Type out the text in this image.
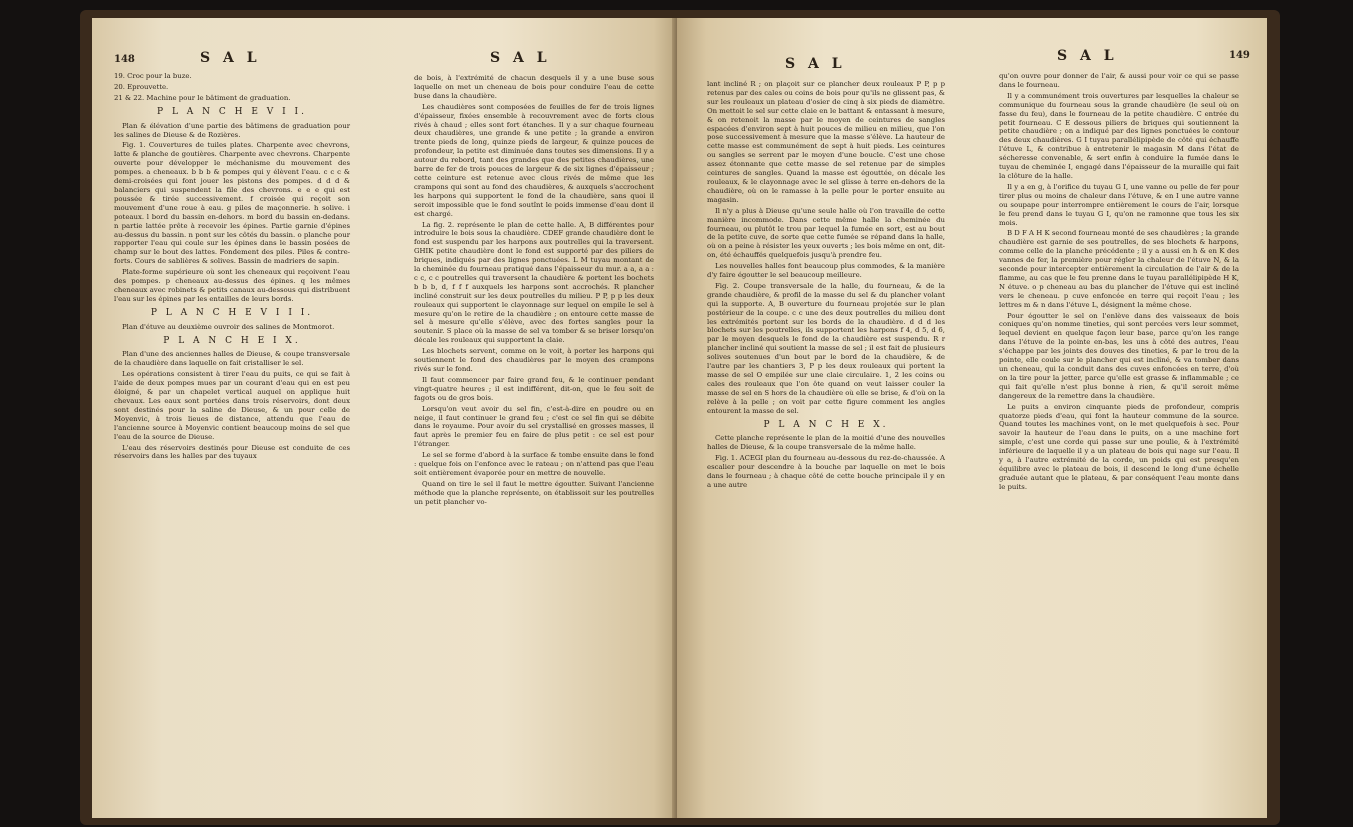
148	S A L	S A L

19. Croc pour la buze.

20. Eprouvette.

21 & 22. Machine pour le bâtiment de graduation.

P L A N C H E V I I.

Plan & élévation d'une partie des bâtimens de graduation pour les salines de Dieuse & de Rozières.

Fig. 1. Couvertures de tuiles plates. Charpente avec chevrons, latte & planche de goutières. Charpente avec chevrons. Charpente ouverte pour développer le méchanisme du mouvement des pompes. a cheneaux. b b b & pompes qui y élèvent l'eau. c c c & demi-croisées qui font jouer les pistons des pompes. d d d & balanciers qui suspendent la file des chevrons. e e e qui est poussée & tirée successivement. f croisée qui reçoit son mouvement d'une roue à eau. g piles de maçonnerie. h solive. i poteaux. l bord du bassin en-dehors. m bord du bassin en-dedans. n partie lattée prête à recevoir les épines. Partie garnie d'épines au-dessus du bassin. n pont sur les côtés du bassin. o planche pour rapporter l'eau qui coule sur les épines dans le bassin posées de champ sur le bout des lattes. Fondement des piles. Piles & contre-forts. Cours de sablières & solives. Bassin de madriers de sapin.

Plate-forme supérieure où sont les cheneaux qui reçoivent l'eau des pompes. p cheneaux au-dessus des épines. q les mêmes cheneaux avec robinets & petits canaux au-dessous qui distribuent l'eau sur les épines par les entailles de leurs bords.

P L A N C H E V I I I.

Plan d'étuve au deuxième ouvroir des salines de Montmorot.

P L A N C H E I X.

Plan d'une des anciennes halles de Dieuse, & coupe transversale de la chaudière dans laquelle on fait cristalliser le sel.

Les opérations consistent à tirer l'eau du puits, ce qui se fait à l'aide de deux pompes mues par un courant d'eau qui en est peu éloigné, & par un chapelet vertical auquel on applique huit chevaux. Les eaux sont portées dans trois réservoirs, dont deux sont destinés pour la saline de Dieuse, & un pour celle de Moyenvic, à trois lieues de distance, attendu que l'eau de l'ancienne source à Moyenvic contient beaucoup moins de sel que l'eau de la source de Dieuse.

L'eau des réservoirs destinés pour Dieuse est conduite de ces réservoirs dans les halles par des tuyaux

de bois, à l'extrémité de chacun desquels il y a une buse sous laquelle on met un cheneau de bois pour conduire l'eau de cette buse dans la chaudière.

Les chaudières sont composées de feuilles de fer de trois lignes d'épaisseur, fixées ensemble à recouvrement avec de forts clous rivés à chaud ; elles sont fort étanches. Il y a sur chaque fourneau deux chaudières, une grande & une petite ; la grande a environ trente pieds de long, quinze pieds de largeur, & quinze pouces de profondeur, la petite est diminuée dans toutes ses dimensions. Il y a autour du rebord, tant des grandes que des petites chaudières, une barre de fer de trois pouces de largeur & de six lignes d'épaisseur ; cette ceinture est retenue avec clous rivés de même que les crampons qui sont au fond des chaudières, & auxquels s'accrochent les harpons qui supportent le fond de la chaudière, sans quoi il seroit impossible que le fond soutînt le poids immense d'eau dont il est chargé.

La fig. 2. représente le plan de cette halle. A, B différentes pour introduire le bois sous la chaudière. CDEF grande chaudière dont le fond est suspendu par les harpons aux poutrelles qui la traversent. GHIK petite chaudière dont le fond est supporté par des piliers de briques, indiqués par des lignes ponctuées. L M tuyau montant de la cheminée du fourneau pratiqué dans l'épaisseur du mur. a a, a a : c c, c c poutrelles qui traversent la chaudière & portent les bochets b b b, d, f f f auxquels les harpons sont accrochés. R plancher incliné construit sur les deux poutrelles du milieu. P P, p p les deux rouleaux qui supportent le clayonnage sur lequel on empile le sel à mesure qu'on le retire de la chaudière ; on entoure cette masse de sel à mesure qu'elle s'élève, avec des fortes sangles pour la soutenir. S place où la masse de sel va tomber & se briser lorsqu'on décale les rouleaux qui supportent la claie.

Les blochets servent, comme on le voit, à porter les harpons qui soutiennent le fond des chaudières par le moyen des crampons rivés sur le fond.

Il faut commencer par faire grand feu, & le continuer pendant vingt-quatre heures ; il est indifférent, dit-on, que le feu soit de fagots ou de gros bois.

Lorsqu'on veut avoir du sel fin, c'est-à-dire en poudre ou en neige, il faut continuer le grand feu ; c'est ce sel fin qui se débite dans le royaume. Pour avoir du sel crystallisé en grosses masses, il faut après le premier feu en faire de plus petit : ce sel est pour l'étranger.

Le sel se forme d'abord à la surface & tombe ensuite dans le fond : quelque fois on l'enfonce avec le rateau ; on n'attend pas que l'eau soit entièrement évaporée pour en mettre de nouvelle.

Quand on tire le sel il faut le mettre égoutter. Suivant l'ancienne méthode que la planche représente, on établissoit sur les poutrelles un petit plancher vo-

S A L	S A L	149

lant incliné R ; on plaçoit sur ce plancher deux rouleaux P P, p p retenus par des cales ou coins de bois pour qu'ils ne glissent pas, & sur les rouleaux un plateau d'osier de cinq à six pieds de diamètre. On mettoit le sel sur cette claie en le battant & entassant à mesure, & on retenoit la masse par le moyen de ceintures de sangles espacées d'environ sept à huit pouces de milieu en milieu, que l'on pose successivement à mesure que la masse s'élève. La hauteur de cette masse est communément de sept à huit pieds. Les ceintures ou sangles se serrent par le moyen d'une boucle. C'est une chose assez étonnante que cette masse de sel retenue par de simples ceintures de sangles. Quand la masse est égouttée, on décale les rouleaux, & le clayonnage avec le sel glisse à terre en-dehors de la chaudière, où on le ramasse à la pelle pour le porter ensuite au magasin.

Il n'y a plus à Dieuse qu'une seule halle où l'on travaille de cette manière incommode. Dans cette même halle la cheminée du fourneau, ou plutôt le trou par lequel la fumée en sort, est au bout de la petite cuve, de sorte que cette fumée se répand dans la halle, où on a peine à résister les yeux ouverts ; les bois même en ont, dit-on, été échauffés quelquefois jusqu'à prendre feu.

Les nouvelles halles font beaucoup plus commodes, & la manière d'y faire égoutter le sel beaucoup meilleure.

Fig. 2. Coupe transversale de la halle, du fourneau, & de la grande chaudière, & profil de la masse du sel & du plancher volant qui la supporte. A, B ouverture du fourneau projetée sur le plan postérieur de la coupe. c c une des deux poutrelles du milieu dont les extrémités portent sur les bords de la chaudière. d d d les blochets sur les poutrelles, ils supportent les harpons f 4, d 5, d 6, par le moyen desquels le fond de la chaudière est suspendu. R r plancher incliné qui soutient la masse de sel ; il est fait de plusieurs solives soutenues d'un bout par le bord de la chaudière, & de l'autre par les chantiers 3, P p les deux rouleaux qui portent la masse de sel O empilée sur une claie circulaire. 1, 2 les coins ou cales des rouleaux que l'on ôte quand on veut laisser couler la masse de sel en S hors de la chaudière où elle se brise, & d'où on la relève à la pelle ; on voit par cette figure comment les angles entourent la masse de sel.

P L A N C H E X.

Cette planche représente le plan de la moitié d'une des nouvelles halles de Dieuse, & la coupe transversale de la même halle.

Fig. 1. ACEGI plan du fourneau au-dessous du rez-de-chaussée. A escalier pour descendre à la bouche par laquelle on met le bois dans le fourneau ; à chaque côté de cette bouche principale il y en a une autre

qu'on ouvre pour donner de l'air, & aussi pour voir ce qui se passe dans le fourneau.

Il y a communément trois ouvertures par lesquelles la chaleur se communique du fourneau sous la grande chaudière (le seul où on fasse du feu), dans le fourneau de la petite chaudière. C entrée du petit fourneau. C E dessous piliers de briques qui soutiennent la petite chaudière ; on a indiqué par des lignes ponctuées le contour des deux chaudières. G I tuyau parallélipipède de côté qui échauffe l'étuve L, & contribue à entretenir le magasin M dans l'état de sécheresse convenable, & sert enfin à conduire la fumée dans le tuyau de cheminée I, engagé dans l'épaisseur de la muraille qui fait la clôture de la halle.

Il y a en g, à l'orifice du tuyau G I, une vanne ou pelle de fer pour tirer plus ou moins de chaleur dans l'étuve, & en I une autre vanne ou soupape pour interrompre entièrement le cours de l'air, lorsque le feu prend dans le tuyau G I, qu'on ne ramonne que tous les six mois.

B D F A H K second fourneau monté de ses chaudières ; la grande chaudière est garnie de ses poutrelles, de ses blochets & harpons, comme celle de la planche précédente ; il y a aussi en h & en K des vannes de fer, la première pour régler la chaleur de l'étuve N, & la seconde pour intercepter entièrement la circulation de l'air & de la flamme, au cas que le feu prenne dans le tuyau parallélipipède H K, N étuve. o p cheneau au bas du plancher de l'étuve qui est incliné vers le cheneau. p cuve enfoncée en terre qui reçoit l'eau ; les lettres m & n dans l'étuve L, désignent la même chose.

Pour égoutter le sel on l'enlève dans des vaisseaux de bois coniques qu'on nomme tineties, qui sont percées vers leur sommet, lequel devient en quelque façon leur base, parce qu'on les range dans l'étuve de la pointe en-bas, les uns à côté des autres, l'eau s'échappe par les joints des douves des tineties, & par le trou de la pointe, elle coule sur le plancher qui est incliné, & va tomber dans un cheneau, qui la conduit dans des cuves enfoncées en terre, d'où on la tire pour la jetter, parce qu'elle est grasse & inflammable ; ce qui fait qu'elle n'est plus bonne à rien, & qu'il seroit même dangereux de la remettre dans la chaudière.

Le puits a environ cinquante pieds de profondeur, compris quatorze pieds d'eau, qui font la hauteur commune de la source. Quand toutes les machines vont, on le met quelquefois à sec. Pour savoir la hauteur de l'eau dans le puits, on a une machine fort simple, c'est une corde qui passe sur une poulie, & à l'extrémité inférieure de laquelle il y a un plateau de bois qui nage sur l'eau. Il y a, à l'autre extrémité de la corde, un poids qui est presqu'en équilibre avec le plateau de bois, il descend le long d'une échelle graduée autant que le plateau, & par conséquent l'eau monte dans le puits.
